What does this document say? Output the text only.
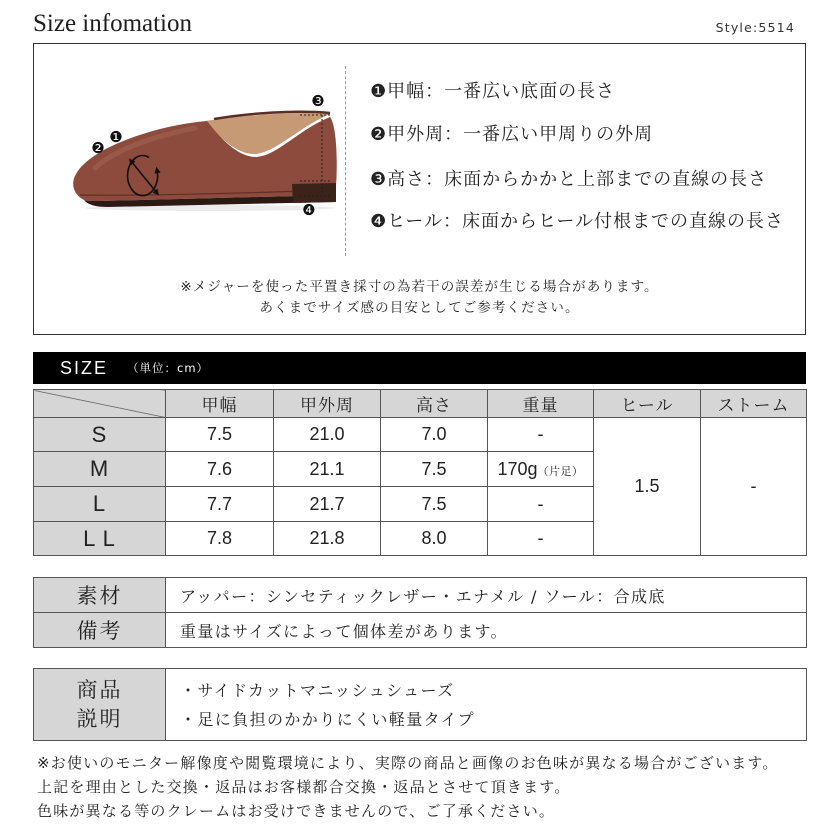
Size infomation	Style:5514
❶
❷
❸
❹
❶甲幅：一番広い底面の長さ
❷甲外周：一番広い甲周りの外周
❸高さ：床面からかかと上部までの直線の長さ
❹ヒール：床面からヒール付根までの直線の長さ
※メジャーを使った平置き採寸の為若干の誤差が生じる場合があります。
あくまでサイズ感の目安としてご参考ください。
SIZE （単位：cm）
	甲幅	甲外周	高さ	重量	ヒール	ストーム
S	7.5	21.0	7.0	-	1.5	-
M	7.6	21.1	7.5	170g（片足）		
L	7.7	21.7	7.5	-		
L L	7.8	21.8	8.0	-		
素材	アッパー：シンセティックレザー・エナメル / ソール：合成底
備考	重量はサイズによって個体差があります。
商品
説明

・サイドカットマニッシュシューズ
・足に負担のかかりにくい軽量タイプ
※お使いのモニター解像度や閲覧環境により、実際の商品と画像のお色味が異なる場合がございます。
上記を理由とした交換・返品はお客様都合交換・返品とさせて頂きます。
色味が異なる等のクレームはお受けできませんので、ご了承ください。
